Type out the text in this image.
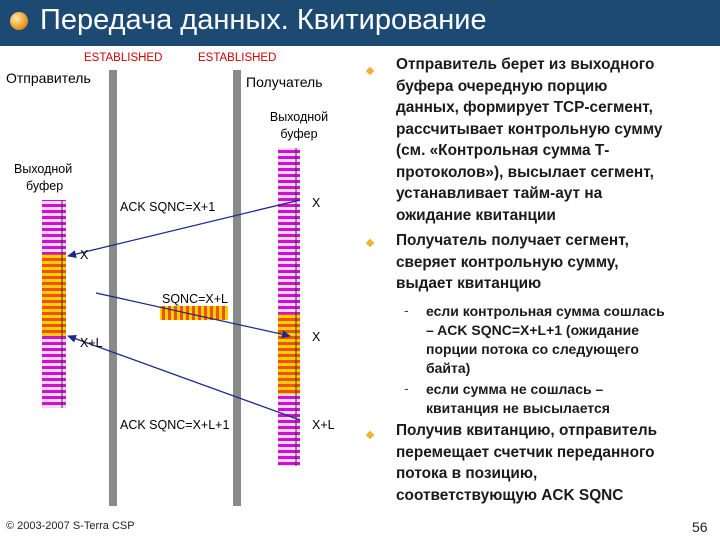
Передача данных. Квитирование
ESTABLISHED	ESTABLISHED
Отправитель	Получатель
Выходной
буфер
Выходной
буфер
ACK SQNC=X+1	X
X
SQNC=X+L
X
X+L
ACK SQNC=X+L+1	X+L
Отправитель берет из выходного
буфера очередную порцию
данных, формирует TCP-сегмент,
рассчитывает контрольную сумму
(см. «Контрольная сумма Т-
протоколов»), высылает сегмент,
устанавливает тайм-аут на
ожидание квитанции
Получатель получает сегмент,
сверяет контрольную сумму,
выдает квитанцию
- если контрольная сумма сошлась
– ACK SQNC=X+L+1 (ожидание
порции потока со следующего
байта)
- если сумма не сошлась –
квитанция не высылается
Получив квитанцию, отправитель
перемещает счетчик переданного
потока в позицию,
соответствующую ACK SQNC
© 2003-2007 S-Terra CSP	56
